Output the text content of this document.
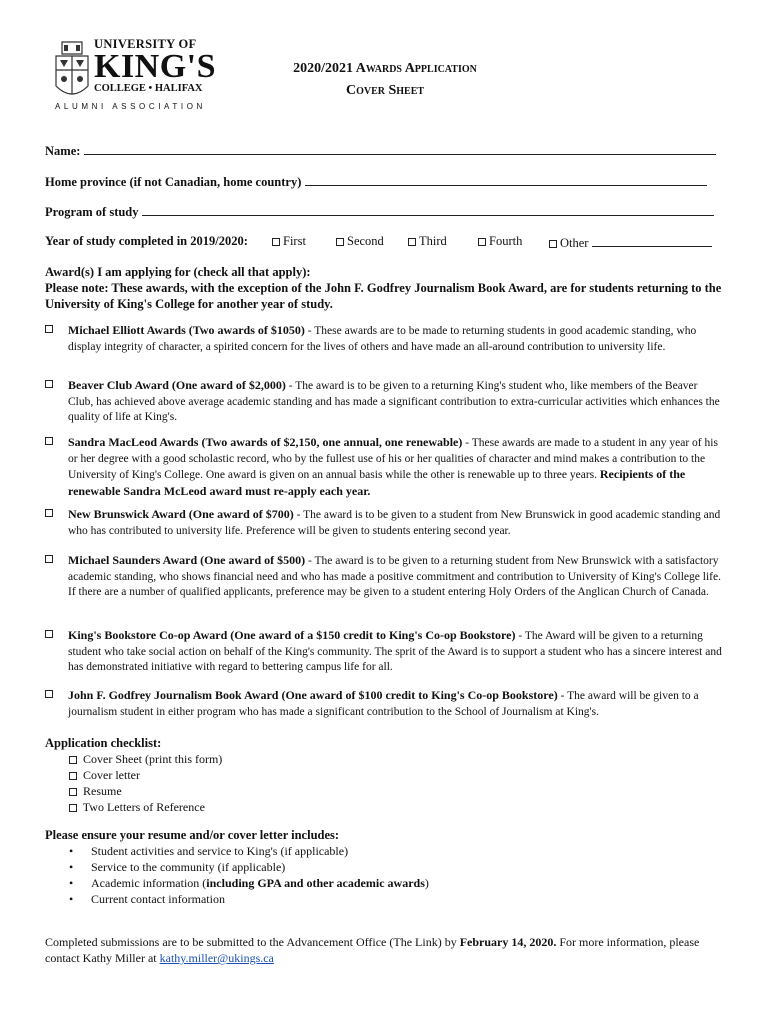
UNIVERSITY OF
KING'S
COLLEGE • HALIFAX
ALUMNI ASSOCIATION
2020/2021 Awards Application
Cover Sheet
Name:
Home province (if not Canadian, home country)
Program of study
Year of study completed in 2019/2020:	First	Second	Third	Fourth	Other
Award(s) I am applying for (check all that apply):
Please note: These awards, with the exception of the John F. Godfrey Journalism Book Award, are for students returning to the University of King's College for another year of study.
Michael Elliott Awards (Two awards of $1050) - These awards are to be made to returning students in good academic standing, who display integrity of character, a spirited concern for the lives of others and have made an all-around contribution to university life.
Beaver Club Award (One award of $2,000) - The award is to be given to a returning King's student who, like members of the Beaver Club, has achieved above average academic standing and has made a significant contribution to extra-curricular activities which enhances the quality of life at King's.
Sandra MacLeod Awards (Two awards of $2,150, one annual, one renewable) - These awards are made to a student in any year of his or her degree with a good scholastic record, who by the fullest use of his or her qualities of character and mind makes a contribution to the University of King's College. One award is given on an annual basis while the other is renewable up to three years. Recipients of the renewable Sandra McLeod award must re-apply each year.
New Brunswick Award (One award of $700) - The award is to be given to a student from New Brunswick in good academic standing and who has contributed to university life. Preference will be given to students entering second year.
Michael Saunders Award (One award of $500) - The award is to be given to a returning student from New Brunswick with a satisfactory academic standing, who shows financial need and who has made a positive commitment and contribution to University of King's College life. If there are a number of qualified applicants, preference may be given to a student entering Holy Orders of the Anglican Church of Canada.
King's Bookstore Co-op Award (One award of a $150 credit to King's Co-op Bookstore) - The Award will be given to a returning student who take social action on behalf of the King's community. The sprit of the Award is to support a student who has a sincere interest and has demonstrated initiative with regard to bettering campus life for all.
John F. Godfrey Journalism Book Award (One award of $100 credit to King's Co-op Bookstore) - The award will be given to a journalism student in either program who has made a significant contribution to the School of Journalism at King's.
Application checklist:
Cover Sheet (print this form)
Cover letter
Resume
Two Letters of Reference
Please ensure your resume and/or cover letter includes:
• Student activities and service to King's (if applicable)
• Service to the community (if applicable)
• Academic information (including GPA and other academic awards)
• Current contact information
Completed submissions are to be submitted to the Advancement Office (The Link) by February 14, 2020. For more information, please contact Kathy Miller at kathy.miller@ukings.ca
